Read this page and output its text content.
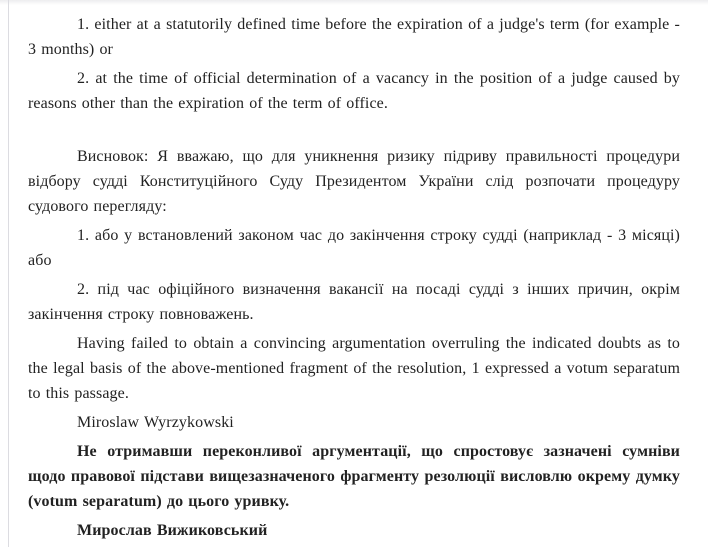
1. either at a statutorily defined time before the expiration of a judge's term (for example - 3 months) or

2. at the time of official determination of a vacancy in the position of a judge caused by reasons other than the expiration of the term of office.

Висновок: Я вважаю, що для уникнення ризику підриву правильності процедури відбору судді Конституційного Суду Президентом України слід розпочати процедуру судового перегляду:

1. або у встановлений законом час до закінчення строку судді (наприклад - 3 місяці) або

2. під час офіційного визначення вакансії на посаді судді з інших причин, окрім закінчення строку повноважень.

Having failed to obtain a convincing argumentation overruling the indicated doubts as to the legal basis of the above-mentioned fragment of the resolution, 1 expressed a votum separatum to this passage.

Miroslaw Wyrzykowski

Не отримавши переконливої аргументації, що спростовує зазначені сумніви щодо правової підстави вищезазначеного фрагменту резолюції висловлю окрему думку (votum separatum) до цього уривку.

Мирослав Вижиковський
